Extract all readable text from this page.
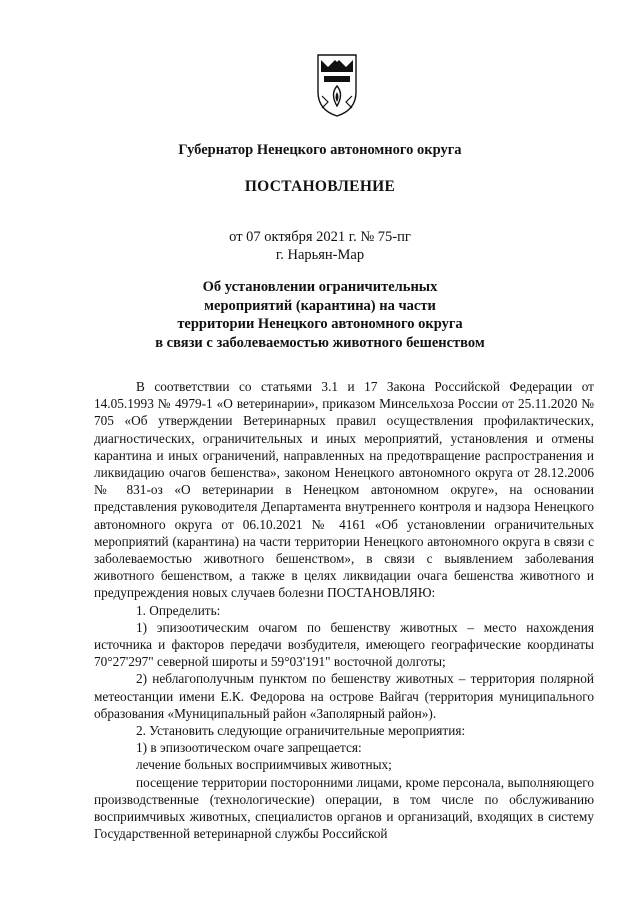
Губернатор Ненецкого автономного округа
ПОСТАНОВЛЕНИЕ
от 07 октября 2021 г. № 75-пг
г. Нарьян-Мар
Об установлении ограничительных
мероприятий (карантина) на части
территории Ненецкого автономного округа
в связи с заболеваемостью животного бешенством

В соответствии со статьями 3.1 и 17 Закона Российской Федерации от 14.05.1993 № 4979-1 «О ветеринарии», приказом Минсельхоза России от 25.11.2020 № 705 «Об утверждении Ветеринарных правил осуществления профилактических, диагностических, ограничительных и иных мероприятий, установления и отмены карантина и иных ограничений, направленных на предотвращение распространения и ликвидацию очагов бешенства», законом Ненецкого автономного округа от 28.12.2006 № 831-оз «О ветеринарии в Ненецком автономном округе», на основании представления руководителя Департамента внутреннего контроля и надзора Ненецкого автономного округа от 06.10.2021 № 4161 «Об установлении ограничительных мероприятий (карантина) на части территории Ненецкого автономного округа в связи с заболеваемостью животного бешенством», в связи с выявлением заболевания животного бешенством, а также в целях ликвидации очага бешенства животного и предупреждения новых случаев болезни ПОСТАНОВЛЯЮ:

1. Определить:

1) эпизоотическим очагом по бешенству животных – место нахождения источника и факторов передачи возбудителя, имеющего географические координаты 70°27'297" северной широты и 59°03'191" восточной долготы;

2) неблагополучным пунктом по бешенству животных – территория полярной метеостанции имени Е.К. Федорова на острове Вайгач (территория муниципального образования «Муниципальный район «Заполярный район»).

2. Установить следующие ограничительные мероприятия:

1) в эпизоотическом очаге запрещается:

лечение больных восприимчивых животных;

посещение территории посторонними лицами, кроме персонала, выполняющего производственные (технологические) операции, в том числе по обслуживанию восприимчивых животных, специалистов органов и организаций, входящих в систему Государственной ветеринарной службы Российской
